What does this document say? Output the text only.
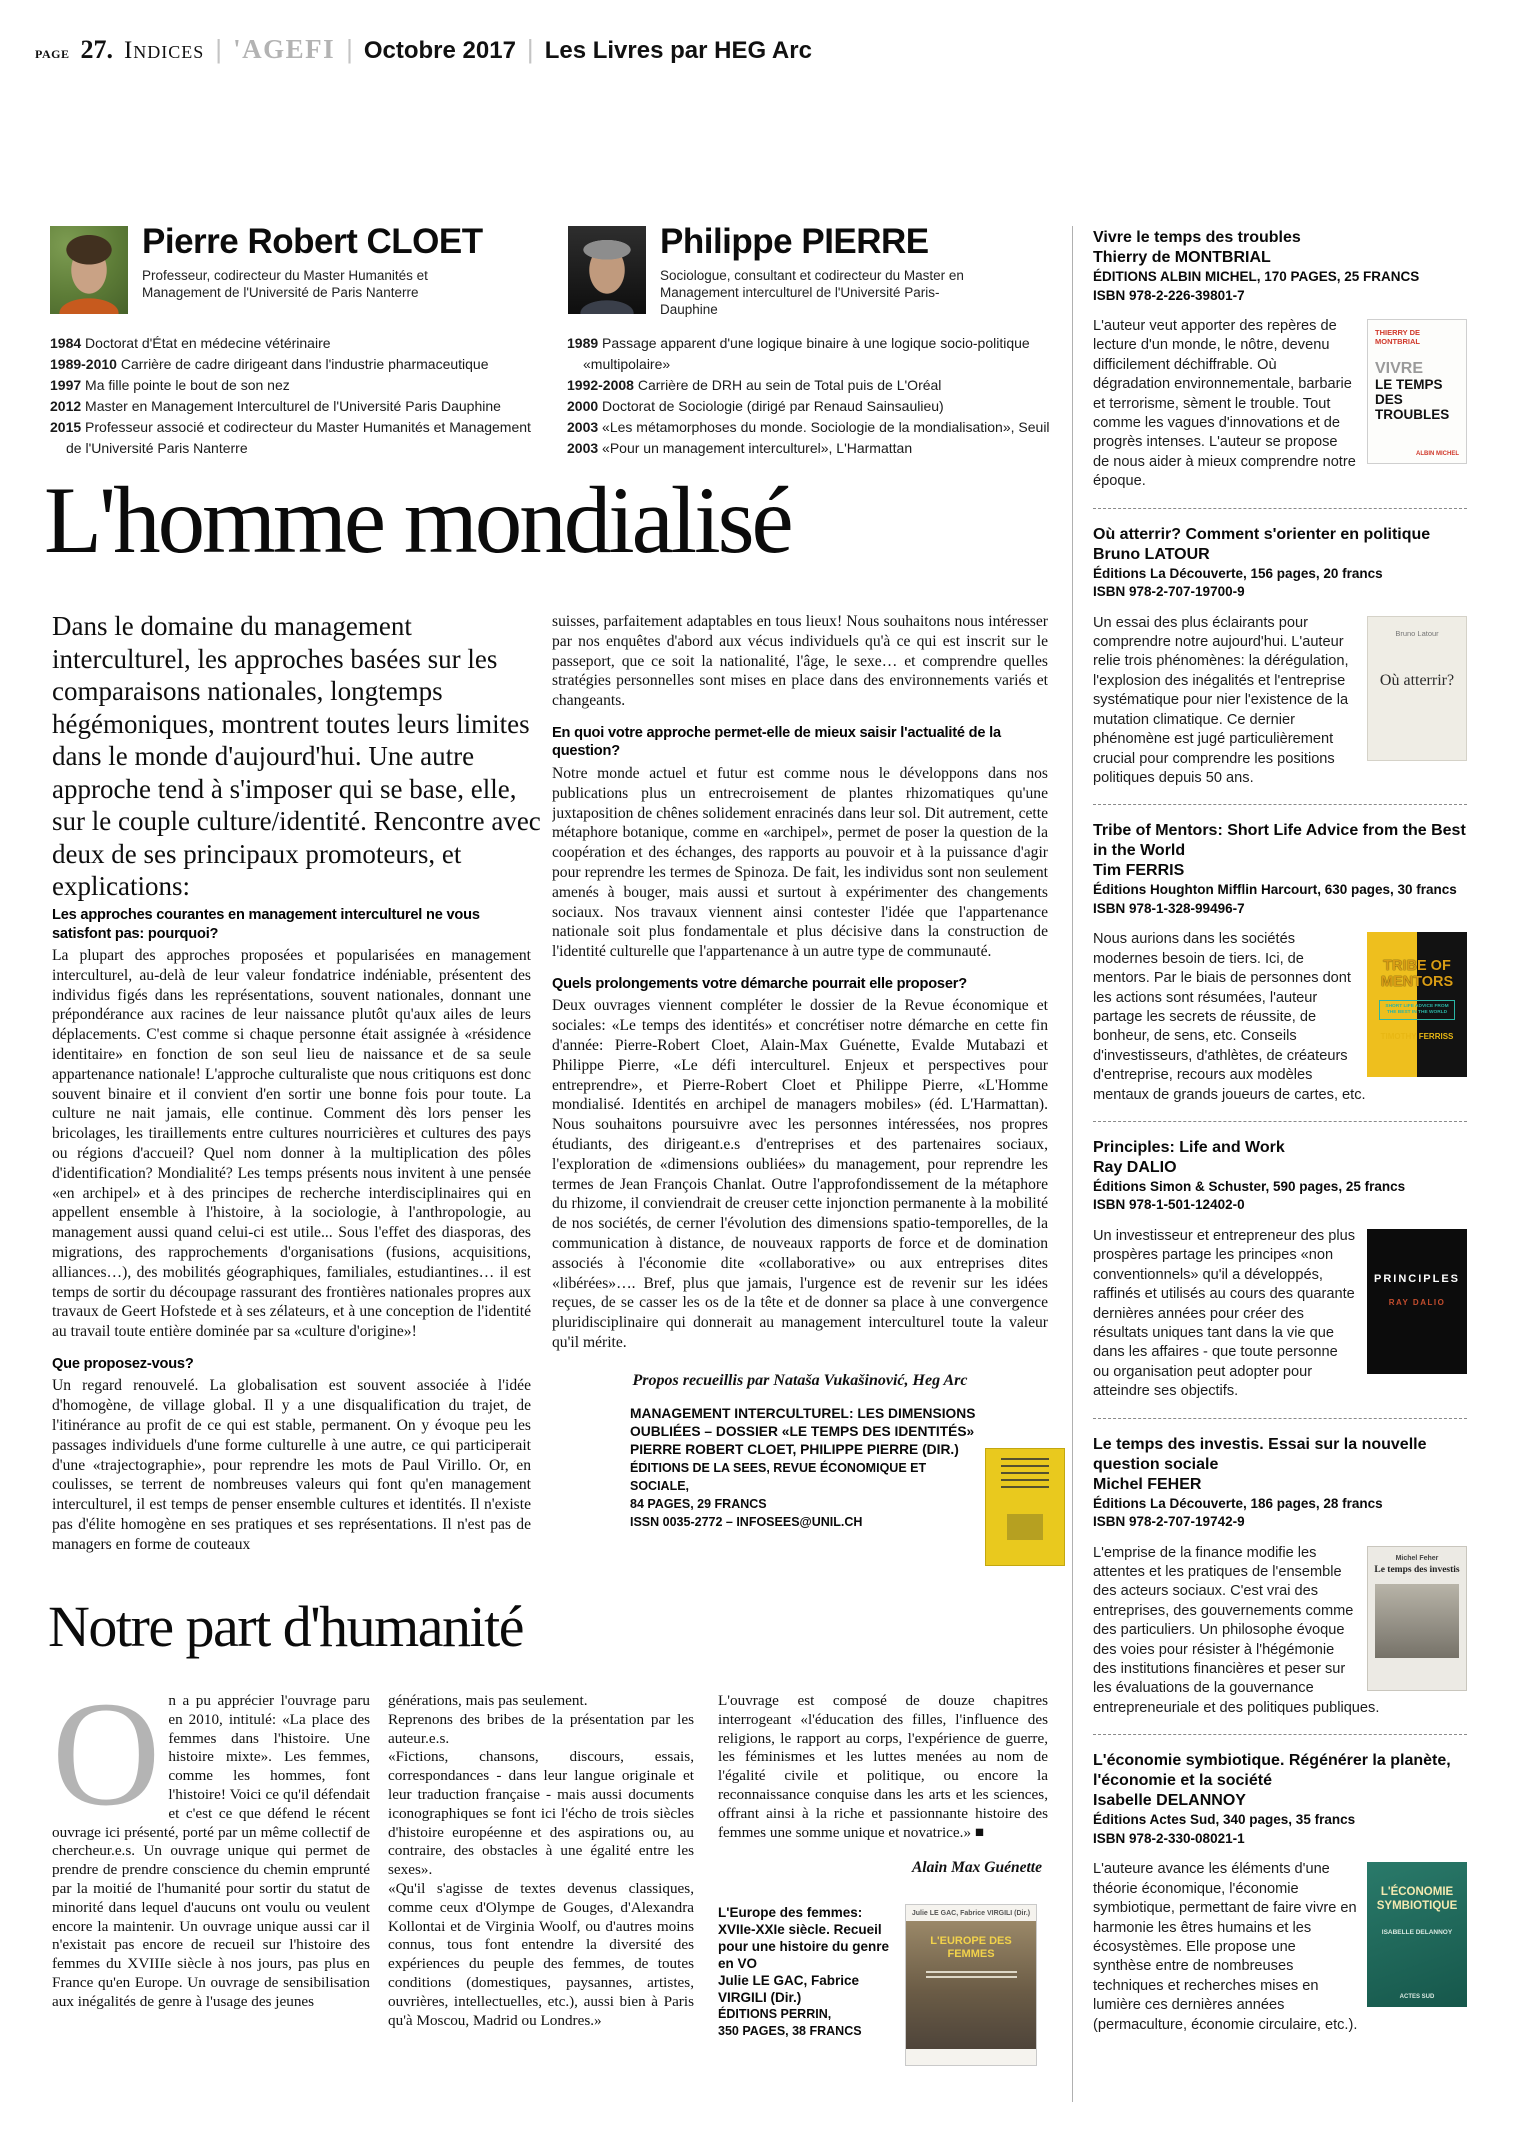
PAGE 27. Indices | 'AGEFI | Octobre 2017 | Les Livres par HEG Arc
Pierre Robert CLOET
Professeur, codirecteur du Master Humanités et Management de l'Université de Paris Nanterre
1984 Doctorat d'État en médecine vétérinaire
1989-2010 Carrière de cadre dirigeant dans l'industrie pharmaceutique
1997 Ma fille pointe le bout de son nez
2012 Master en Management Interculturel de l'Université Paris Dauphine
2015 Professeur associé et codirecteur du Master Humanités et Management de l'Université Paris Nanterre
Philippe PIERRE
Sociologue, consultant et codirecteur du Master en Management interculturel de l'Université Paris-Dauphine
1989 Passage apparent d'une logique binaire à une logique socio-politique «multipolaire»
1992-2008 Carrière de DRH au sein de Total puis de L'Oréal
2000 Doctorat de Sociologie (dirigé par Renaud Sainsaulieu)
2003 «Les métamorphoses du monde. Sociologie de la mondialisation», Seuil
2003 «Pour un management interculturel», L'Harmattan
L'homme mondialisé
Dans le domaine du management interculturel, les approches basées sur les comparaisons nationales, longtemps hégémoniques, montrent toutes leurs limites dans le monde d'aujourd'hui. Une autre approche tend à s'imposer qui se base, elle, sur le couple culture/identité. Rencontre avec deux de ses principaux promoteurs, et explications:
Les approches courantes en management interculturel ne vous satisfont pas: pourquoi?
La plupart des approches proposées et popularisées en management interculturel, au-delà de leur valeur fondatrice indéniable, présentent des individus figés dans les représentations, souvent nationales, donnant une prépondérance aux racines de leur naissance plutôt qu'aux ailes de leurs déplacements. C'est comme si chaque personne était assignée à «résidence identitaire» en fonction de son seul lieu de naissance et de sa seule appartenance nationale! L'approche culturaliste que nous critiquons est donc souvent binaire et il convient d'en sortir une bonne fois pour toute. La culture ne nait jamais, elle continue. Comment dès lors penser les bricolages, les tiraillements entre cultures nourricières et cultures des pays ou régions d'accueil? Quel nom donner à la multiplication des pôles d'identification? Mondialité? Les temps présents nous invitent à une pensée «en archipel» et à des principes de recherche interdisciplinaires qui en appellent ensemble à l'histoire, à la sociologie, à l'anthropologie, au management aussi quand celui-ci est utile... Sous l'effet des diasporas, des migrations, des rapprochements d'organisations (fusions, acquisitions, alliances…), des mobilités géographiques, familiales, estudiantines… il est temps de sortir du découpage rassurant des frontières nationales propres aux travaux de Geert Hofstede et à ses zélateurs, et à une conception de l'identité au travail toute entière dominée par sa «culture d'origine»!
Que proposez-vous?
Un regard renouvelé. La globalisation est souvent associée à l'idée d'homogène, de village global. Il y a une disqualification du trajet, de l'itinérance au profit de ce qui est stable, permanent. On y évoque peu les passages individuels d'une forme culturelle à une autre, ce qui participerait d'une «trajectographie», pour reprendre les mots de Paul Virillo. Or, en coulisses, se terrent de nombreuses valeurs qui font qu'en management interculturel, il est temps de penser ensemble cultures et identités. Il n'existe pas d'élite homogène en ses pratiques et ses représentations. Il n'est pas de managers en forme de couteaux
suisses, parfaitement adaptables en tous lieux! Nous souhaitons nous intéresser par nos enquêtes d'abord aux vécus individuels qu'à ce qui est inscrit sur le passeport, que ce soit la nationalité, l'âge, le sexe… et comprendre quelles stratégies personnelles sont mises en place dans des environnements variés et changeants.
En quoi votre approche permet-elle de mieux saisir l'actualité de la question?
Notre monde actuel et futur est comme nous le développons dans nos publications plus un entrecroisement de plantes rhizomatiques qu'une juxtaposition de chênes solidement enracinés dans leur sol. Dit autrement, cette métaphore botanique, comme en «archipel», permet de poser la question de la coopération et des échanges, des rapports au pouvoir et à la puissance d'agir pour reprendre les termes de Spinoza. De fait, les individus sont non seulement amenés à bouger, mais aussi et surtout à expérimenter des changements sociaux. Nos travaux viennent ainsi contester l'idée que l'appartenance nationale soit plus fondamentale et plus décisive dans la construction de l'identité culturelle que l'appartenance à un autre type de communauté.
Quels prolongements votre démarche pourrait elle proposer?
Deux ouvrages viennent compléter le dossier de la Revue économique et sociales: «Le temps des identités» et concrétiser notre démarche en cette fin d'année: Pierre-Robert Cloet, Alain-Max Guénette, Evalde Mutabazi et Philippe Pierre, «Le défi interculturel. Enjeux et perspectives pour entreprendre», et Pierre-Robert Cloet et Philippe Pierre, «L'Homme mondialisé. Identités en archipel de managers mobiles» (éd. L'Harmattan). Nous souhaitons poursuivre avec les personnes intéressées, nos propres étudiants, des dirigeant.e.s d'entreprises et des partenaires sociaux, l'exploration de «dimensions oubliées» du management, pour reprendre les termes de Jean François Chanlat. Outre l'approfondissement de la métaphore du rhizome, il conviendrait de creuser cette injonction permanente à la mobilité de nos sociétés, de cerner l'évolution des dimensions spatio-temporelles, de la communication à distance, de nouveaux rapports de force et de domination associés à l'économie dite «collaborative» ou aux entreprises dites «libérées»…. Bref, plus que jamais, l'urgence est de revenir sur les idées reçues, de se casser les os de la tête et de donner sa place à une convergence pluridisciplinaire qui donnerait au management interculturel toute la valeur qu'il mérite.
Propos recueillis par Nataša Vukašinović, Heg Arc
MANAGEMENT INTERCULTUREL: LES DIMENSIONS OUBLIÉES – DOSSIER «LE TEMPS DES IDENTITÉS»
PIERRE ROBERT CLOET, PHILIPPE PIERRE (DIR.)
ÉDITIONS DE LA SEES, REVUE ÉCONOMIQUE ET SOCIALE,
84 PAGES, 29 FRANCS
ISSN 0035-2772 – INFOSEES@UNIL.CH
Notre part d'humanité
On a pu apprécier l'ouvrage paru en 2010, intitulé: «La place des femmes dans l'histoire. Une histoire mixte». Les femmes, comme les hommes, font l'histoire! Voici ce qu'il défendait et c'est ce que défend le récent ouvrage ici présenté, porté par un même collectif de chercheur.e.s. Un ouvrage unique qui permet de prendre de prendre conscience du chemin emprunté par la moitié de l'humanité pour sortir du statut de minorité dans lequel d'aucuns ont voulu ou veulent encore la maintenir. Un ouvrage unique aussi car il n'existait pas encore de recueil sur l'histoire des femmes du XVIIIe siècle à nos jours, pas plus en France qu'en Europe. Un ouvrage de sensibilisation aux inégalités de genre à l'usage des jeunes

générations, mais pas seulement.

Reprenons des bribes de la présentation par les auteur.e.s.

«Fictions, chansons, discours, essais, correspondances - dans leur langue originale et leur traduction française - mais aussi documents iconographiques se font ici l'écho de trois siècles d'histoire européenne et des aspirations ou, au contraire, des obstacles à une égalité entre les sexes».

«Qu'il s'agisse de textes devenus classiques, comme ceux d'Olympe de Gouges, d'Alexandra Kollontai et de Virginia Woolf, ou d'autres moins connus, tous font entendre la diversité des expériences du peuple des femmes, de toutes conditions (domestiques, paysannes, artistes, ouvrières, intellectuelles, etc.), aussi bien à Paris qu'à Moscou, Madrid ou Londres.»

L'ouvrage est composé de douze chapitres interrogeant «l'éducation des filles, l'influence des religions, le rapport au corps, l'expérience de guerre, les féminismes et les luttes menées au nom de l'égalité civile et politique, ou encore la reconnaissance conquise dans les arts et les sciences, offrant ainsi à la riche et passionnante histoire des femmes une somme unique et novatrice.» ■

Alain Max Guénette
L'Europe des femmes: XVIIe-XXIe siècle. Recueil pour une histoire du genre en VO
Julie LE GAC, Fabrice VIRGILI (Dir.)
ÉDITIONS PERRIN,
350 PAGES, 38 FRANCS
Julie LE GAC, Fabrice VIRGILI (Dir.)
L'EUROPE DES FEMMES
Vivre le temps des troubles
Thierry de MONTBRIAL
ÉDITIONS ALBIN MICHEL, 170 PAGES, 25 FRANCS
ISBN 978-2-226-39801-7
THIERRY DE MONTBRIAL
VIVRE
LE TEMPS DES TROUBLES
ALBIN MICHEL
L'auteur veut apporter des repères de lecture d'un monde, le nôtre, devenu difficilement déchiffrable. Où dégradation environnementale, barbarie et terrorisme, sèment le trouble. Tout comme les vagues d'innovations et de progrès intenses. L'auteur se propose de nous aider à mieux comprendre notre époque.
Où atterrir? Comment s'orienter en politique
Bruno LATOUR
Éditions La Découverte, 156 pages, 20 francs
ISBN 978-2-707-19700-9
Bruno Latour
Où atterrir?
Un essai des plus éclairants pour comprendre notre aujourd'hui. L'auteur relie trois phénomènes: la dérégulation, l'explosion des inégalités et l'entreprise systématique pour nier l'existence de la mutation climatique. Ce dernier phénomène est jugé particulièrement crucial pour comprendre les positions politiques depuis 50 ans.
Tribe of Mentors: Short Life Advice from the Best in the World
Tim FERRIS
Éditions Houghton Mifflin Harcourt, 630 pages, 30 francs
ISBN 978-1-328-99496-7
TRIBE OF MENTORS
SHORT LIFE ADVICE FROM THE BEST IN THE WORLD
TIMOTHY FERRISS
Nous aurions dans les sociétés modernes besoin de tiers. Ici, de mentors. Par le biais de personnes dont les actions sont résumées, l'auteur partage les secrets de réussite, de bonheur, de sens, etc. Conseils d'investisseurs, d'athlètes, de créateurs d'entreprise, recours aux modèles mentaux de grands joueurs de cartes, etc.
Principles: Life and Work
Ray DALIO
Éditions Simon & Schuster, 590 pages, 25 francs
ISBN 978-1-501-12402-0
PRINCIPLES
RAY DALIO
Un investisseur et entrepreneur des plus prospères partage les principes «non conventionnels» qu'il a développés, raffinés et utilisés au cours des quarante dernières années pour créer des résultats uniques tant dans la vie que dans les affaires - que toute personne ou organisation peut adopter pour atteindre ses objectifs.
Le temps des investis. Essai sur la nouvelle question sociale
Michel FEHER
Éditions La Découverte, 186 pages, 28 francs
ISBN 978-2-707-19742-9
Michel Feher
Le temps des investis
L'emprise de la finance modifie les attentes et les pratiques de l'ensemble des acteurs sociaux. C'est vrai des entreprises, des gouvernements comme des particuliers. Un philosophe évoque des voies pour résister à l'hégémonie des institutions financières et peser sur les évaluations de la gouvernance entrepreneuriale et des politiques publiques.
L'économie symbiotique. Régénérer la planète, l'économie et la société
Isabelle DELANNOY
Éditions Actes Sud, 340 pages, 35 francs
ISBN 978-2-330-08021-1
L'ÉCONOMIE SYMBIOTIQUE
ISABELLE DELANNOY
ACTES SUD
L'auteure avance les éléments d'une théorie économique, l'économie symbiotique, permettant de faire vivre en harmonie les êtres humains et les écosystèmes. Elle propose une synthèse entre de nombreuses techniques et recherches mises en lumière ces dernières années (permaculture, économie circulaire, etc.).
